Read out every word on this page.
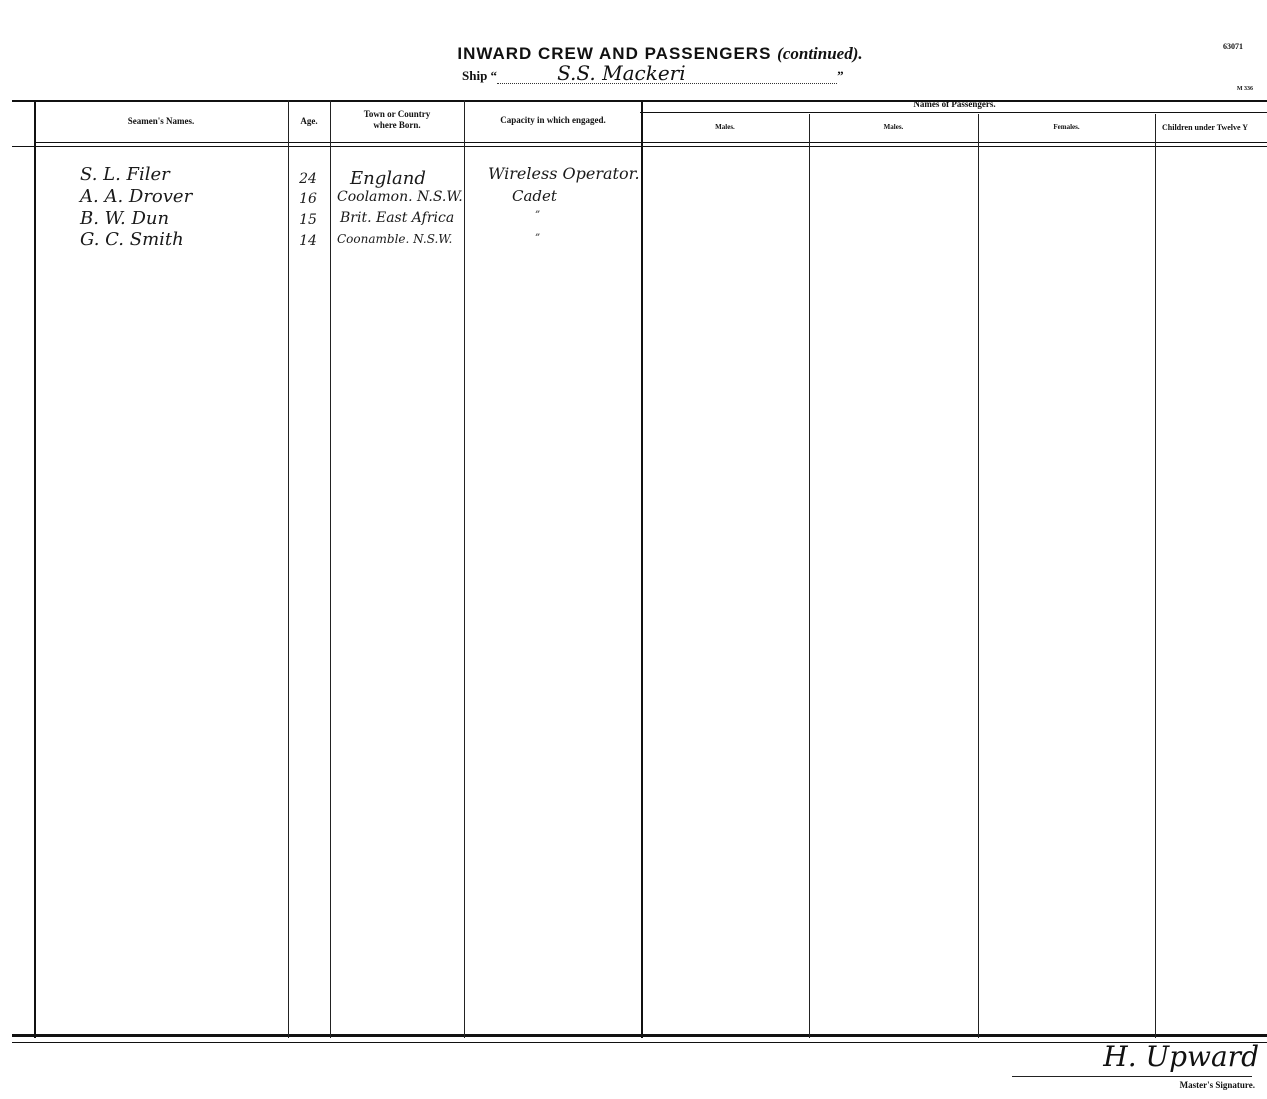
INWARD CREW AND PASSENGERS (continued).	63071
M 336
Ship “	S.S. Mackeri	”
Seamen's Names.	Age.
Town or Country
where Born.	Capacity in which engaged.
Names of Passengers.
Males.	Males.	Females.	Children under Twelve Y
S. L. Filer	24	England	Wireless Operator.
A. A. Drover	16	Coolamon. N.S.W.	Cadet
B. W. Dun	15	Brit. East Africa	”
G. C. Smith	14	Coonamble. N.S.W.	”
H. Upward
Master's Signature.
